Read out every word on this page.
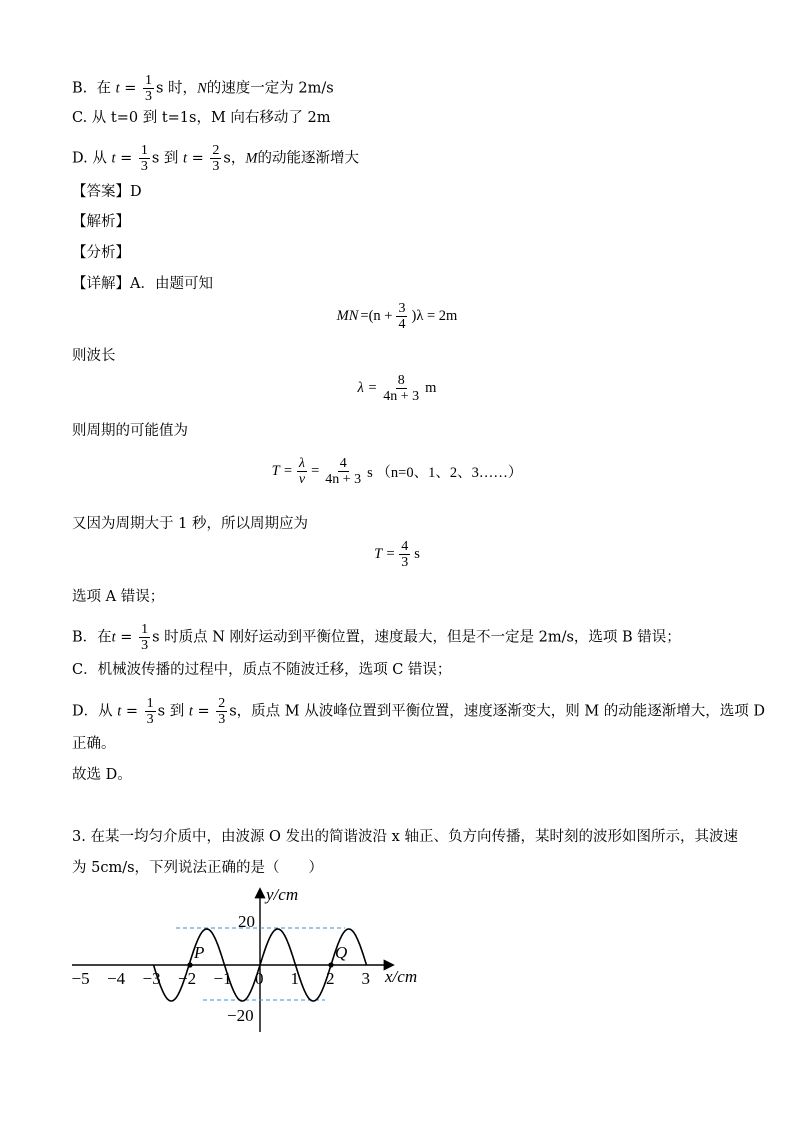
B. 在 $t = \frac{1}{3}$ s 时，N的速度一定为 2m/s
C. 从 t=0 到 t=1s，M 向右移动了 2m
D. 从 $t = \frac{1}{3}$ s 到 $t = \frac{2}{3}$ s，M的动能逐渐增大
【答案】D
【解析】
【分析】
【详解】A．由题可知
MN $=(n + \frac{3}{4} )\lambda = 2m$
则波长
$\lambda = \frac{8}{4n + 3}$ m
则周期的可能值为
$T = \frac{\lambda}{v} = \frac{4}{4n + 3}$ s （n=0、1、2、3……）
又因为周期大于 1 秒，所以周期应为
$T = \frac{4}{3}$ s
选项 A 错误；
B．在$t = \frac{1}{3}$ s 时质点 N 刚好运动到平衡位置，速度最大，但是不一定是 2m/s，选项 B 错误；
C．机械波传播的过程中，质点不随波迁移，选项 C 错误；
D．从 $t = \frac{1}{3}$ s 到 $t = \frac{2}{3}$ s，质点 M 从波峰位置到平衡位置，速度逐渐变大，则 M 的动能逐渐增大，选项 D
正确。
故选 D。
3. 在某一均匀介质中，由波源 O 发出的简谐波沿 x 轴正、负方向传播，某时刻的波形如图所示，其波速
为 5cm/s，下列说法正确的是（　　）
y/cm
x/cm
20
−20
−5 −4 −3 −2 −1 0 1 2 3
P	Q
